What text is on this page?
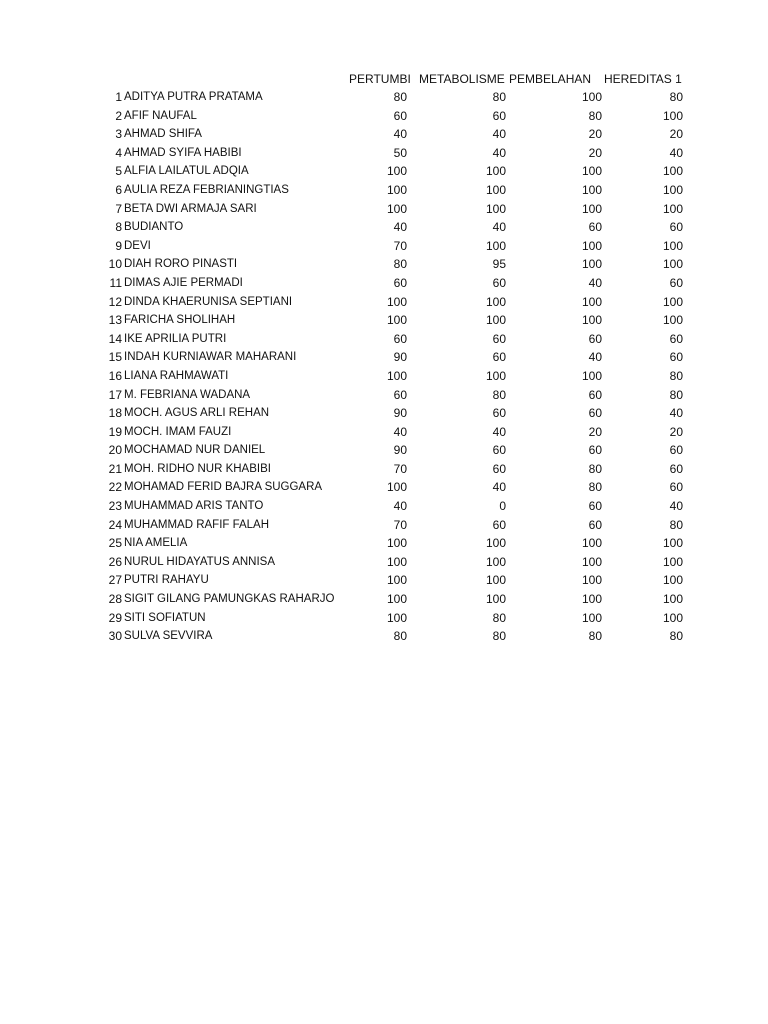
PERTUMBI METABOLISME PEMBELAHAN HEREDITAS 1
1 ADITYA PUTRA PRATAMA	80	80	100	80
2 AFIF NAUFAL	60	60	80	100
3 AHMAD SHIFA	40	40	20	20
4 AHMAD SYIFA HABIBI	50	40	20	40
5 ALFIA LAILATUL ADQIA	100	100	100	100
6 AULIA REZA FEBRIANINGTIAS	100	100	100	100
7 BETA DWI ARMAJA SARI	100	100	100	100
8 BUDIANTO	40	40	60	60
9 DEVI	70	100	100	100
10 DIAH RORO PINASTI	80	95	100	100
11 DIMAS AJIE PERMADI	60	60	40	60
12 DINDA KHAERUNISA SEPTIANI	100	100	100	100
13 FARICHA SHOLIHAH	100	100	100	100
14 IKE APRILIA PUTRI	60	60	60	60
15 INDAH KURNIAWAR MAHARANI	90	60	40	60
16 LIANA RAHMAWATI	100	100	100	80
17 M. FEBRIANA WADANA	60	80	60	80
18 MOCH. AGUS ARLI REHAN	90	60	60	40
19 MOCH. IMAM FAUZI	40	40	20	20
20 MOCHAMAD NUR DANIEL	90	60	60	60
21 MOH. RIDHO NUR KHABIBI	70	60	80	60
22 MOHAMAD FERID BAJRA SUGGARA	100	40	80	60
23 MUHAMMAD ARIS TANTO	40	0	60	40
24 MUHAMMAD RAFIF FALAH	70	60	60	80
25 NIA AMELIA	100	100	100	100
26 NURUL HIDAYATUS ANNISA	100	100	100	100
27 PUTRI RAHAYU	100	100	100	100
28 SIGIT GILANG PAMUNGKAS RAHARJO	100	100	100	100
29 SITI SOFIATUN	100	80	100	100
30 SULVA SEVVIRA	80	80	80	80
